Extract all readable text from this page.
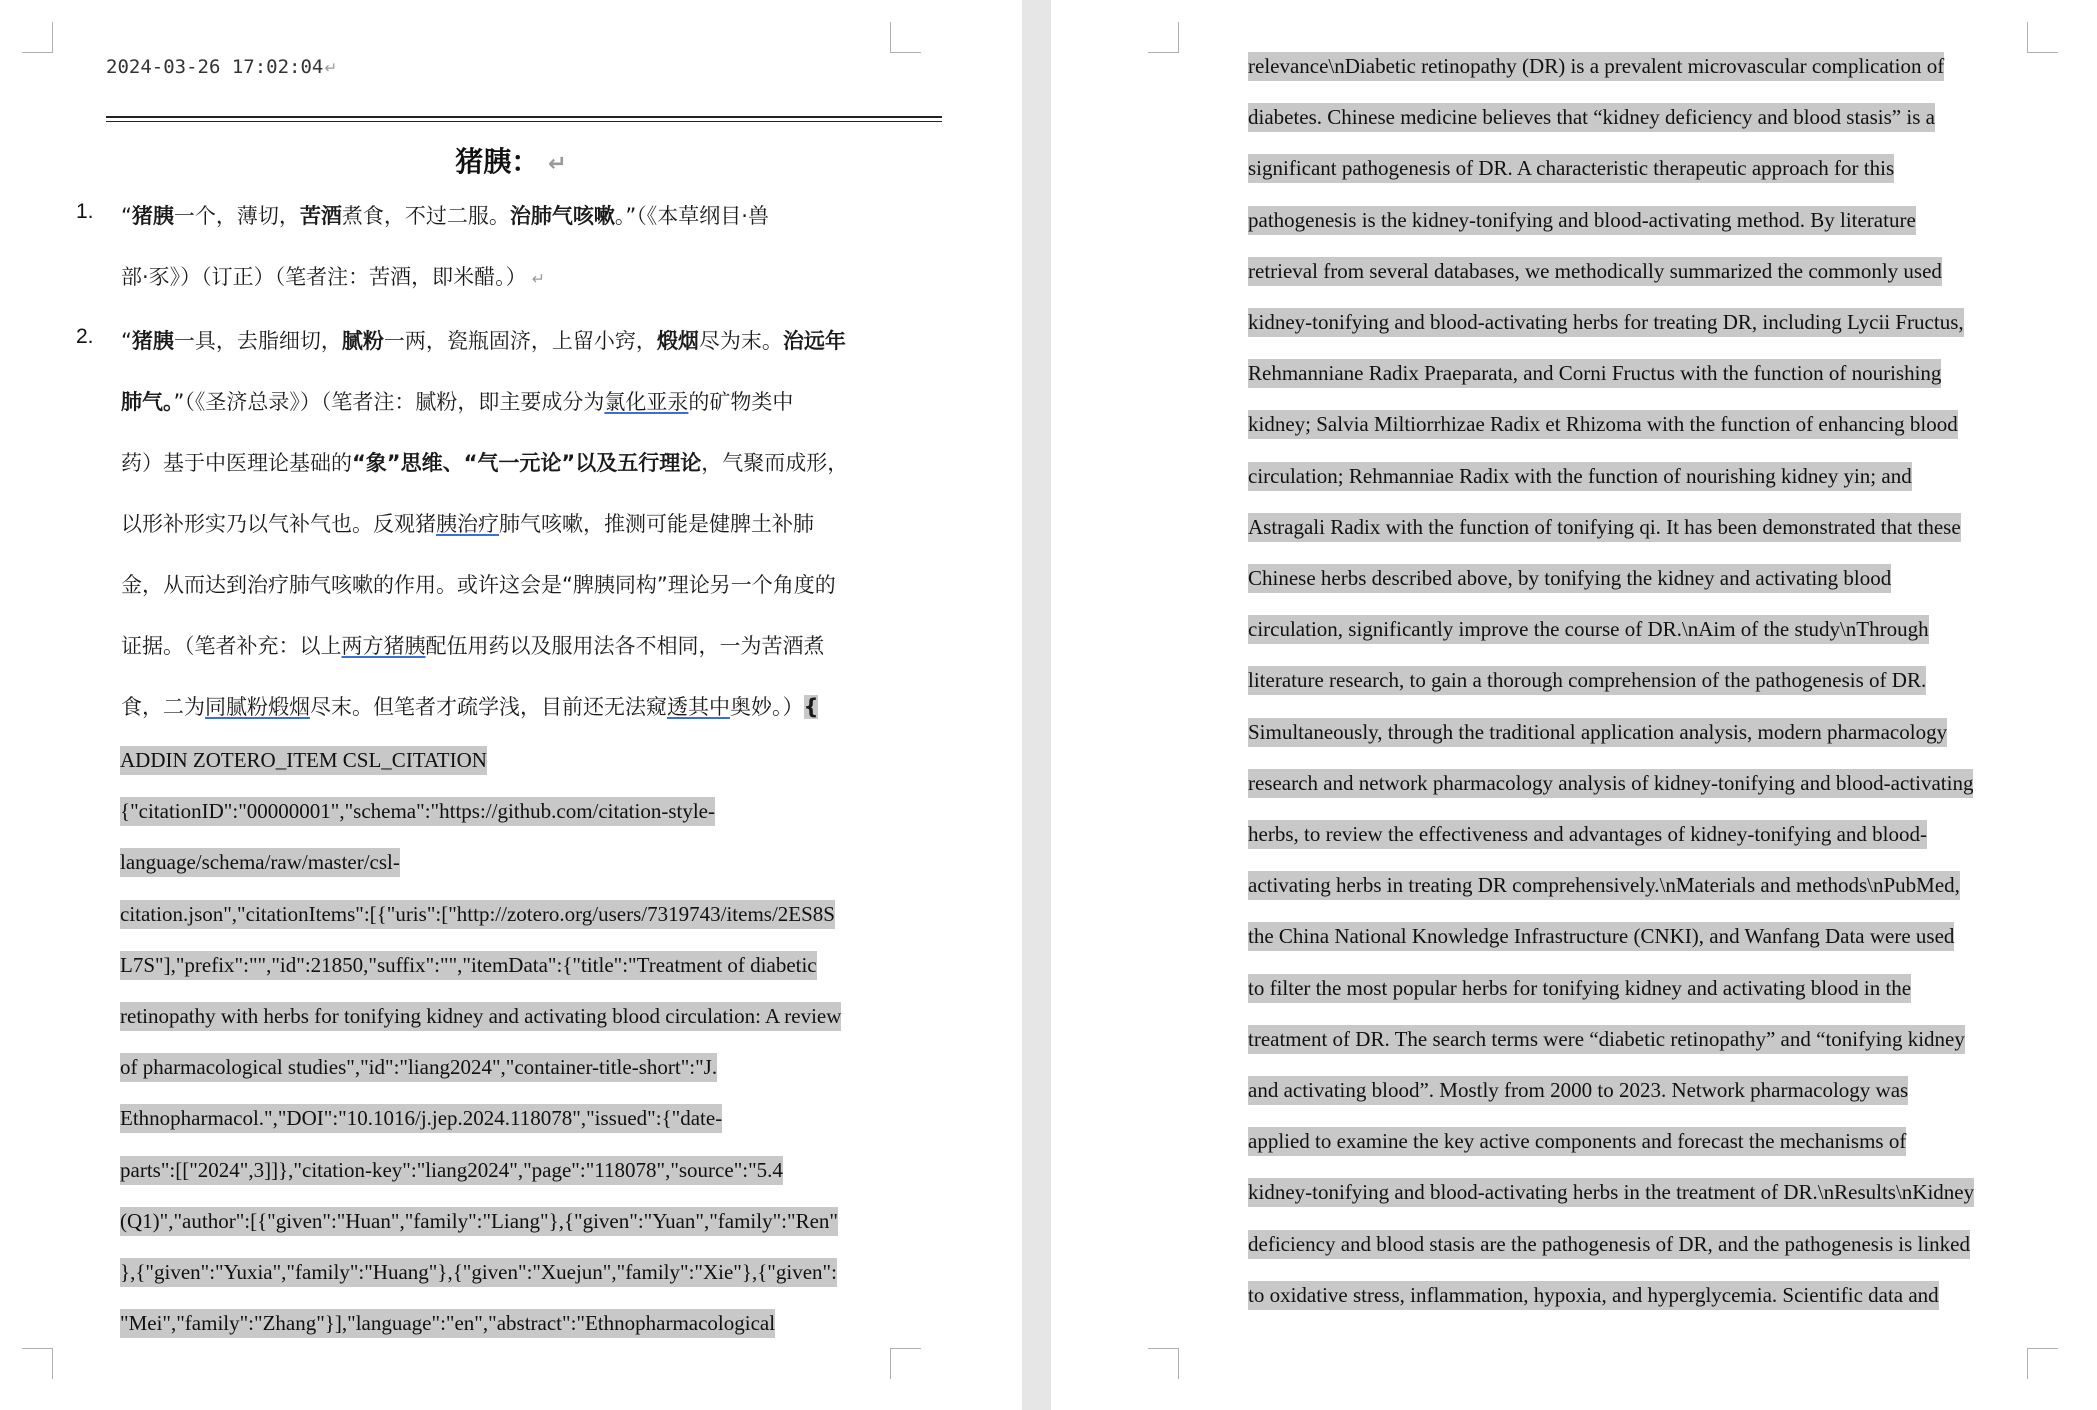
2024-03-26 17:02:04↵
猪胰： ↵
1.	“猪胰一个，薄切，苦酒煮食，不过二服。治肺气咳嗽。”（《本草纲目·兽
部·豕》）（订正）（笔者注：苦酒，即米醋。） ↵
2.	“猪胰一具，去脂细切，腻粉一两，瓷瓶固济，上留小窍，煅烟尽为末。治远年
肺气。”（《圣济总录》）（笔者注：腻粉，即主要成分为氯化亚汞的矿物类中
药）基于中医理论基础的“象”思维、“气一元论”以及五行理论，气聚而成形，
以形补形实乃以气补气也。反观猪胰治疗肺气咳嗽，推测可能是健脾土补肺
金，从而达到治疗肺气咳嗽的作用。或许这会是“脾胰同构”理论另一个角度的
证据。（笔者补充：以上两方猪胰配伍用药以及服用法各不相同，一为苦酒煮
食，二为同腻粉煅烟尽末。但笔者才疏学浅，目前还无法窥透其中奥妙。）{
ADDIN ZOTERO_ITEM CSL_CITATION
{"citationID":"00000001","schema":"https://github.com/citation-style-
language/schema/raw/master/csl-
citation.json","citationItems":[{"uris":["http://zotero.org/users/7319743/items/2ES8S
L7S"],"prefix":"","id":21850,"suffix":"","itemData":{"title":"Treatment of diabetic
retinopathy with herbs for tonifying kidney and activating blood circulation: A review
of pharmacological studies","id":"liang2024","container-title-short":"J.
Ethnopharmacol.","DOI":"10.1016/j.jep.2024.118078","issued":{"date-
parts":[["2024",3]]},"citation-key":"liang2024","page":"118078","source":"5.4
(Q1)","author":[{"given":"Huan","family":"Liang"},{"given":"Yuan","family":"Ren"
},{"given":"Yuxia","family":"Huang"},{"given":"Xuejun","family":"Xie"},{"given":
"Mei","family":"Zhang"}],"language":"en","abstract":"Ethnopharmacological
relevance\nDiabetic retinopathy (DR) is a prevalent microvascular complication of
diabetes. Chinese medicine believes that “kidney deficiency and blood stasis” is a
significant pathogenesis of DR. A characteristic therapeutic approach for this
pathogenesis is the kidney-tonifying and blood-activating method. By literature
retrieval from several databases, we methodically summarized the commonly used
kidney-tonifying and blood-activating herbs for treating DR, including Lycii Fructus,
Rehmanniane Radix Praeparata, and Corni Fructus with the function of nourishing
kidney; Salvia Miltiorrhizae Radix et Rhizoma with the function of enhancing blood
circulation; Rehmanniae Radix with the function of nourishing kidney yin; and
Astragali Radix with the function of tonifying qi. It has been demonstrated that these
Chinese herbs described above, by tonifying the kidney and activating blood
circulation, significantly improve the course of DR.\nAim of the study\nThrough
literature research, to gain a thorough comprehension of the pathogenesis of DR.
Simultaneously, through the traditional application analysis, modern pharmacology
research and network pharmacology analysis of kidney-tonifying and blood-activating
herbs, to review the effectiveness and advantages of kidney-tonifying and blood-
activating herbs in treating DR comprehensively.\nMaterials and methods\nPubMed,
the China National Knowledge Infrastructure (CNKI), and Wanfang Data were used
to filter the most popular herbs for tonifying kidney and activating blood in the
treatment of DR. The search terms were “diabetic retinopathy” and “tonifying kidney
and activating blood”. Mostly from 2000 to 2023. Network pharmacology was
applied to examine the key active components and forecast the mechanisms of
kidney-tonifying and blood-activating herbs in the treatment of DR.\nResults\nKidney
deficiency and blood stasis are the pathogenesis of DR, and the pathogenesis is linked
to oxidative stress, inflammation, hypoxia, and hyperglycemia. Scientific data and
